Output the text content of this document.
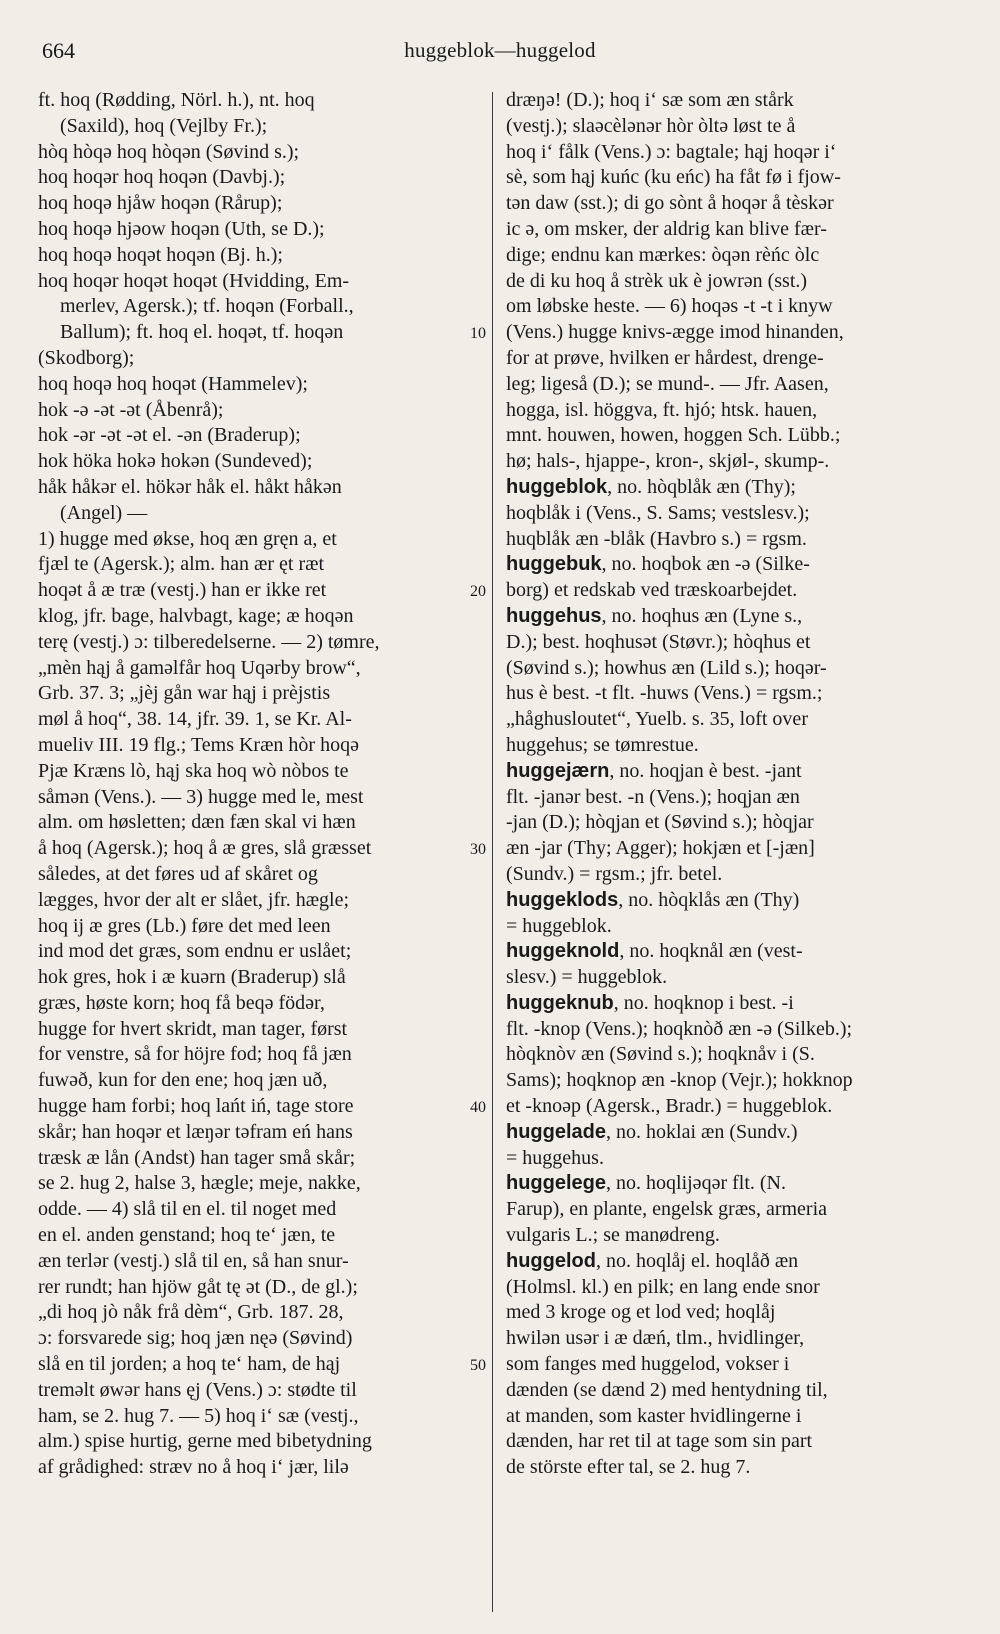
664	huggeblok—huggelod
ft. hoq (Rødding, Nörl. h.), nt. hoq
(Saxild), hoq (Vejlby Fr.);
hòq hòqə hoq hòqən (Søvind s.);
hoq hoqər hoq hoqən (Davbj.);
hoq hoqə hjåw hoqən (Rårup);
hoq hoqə hjəow hoqən (Uth, se D.);
hoq hoqə hoqət hoqən (Bj. h.);
hoq hoqər hoqət hoqət (Hvidding, Em-
merlev, Agersk.); tf. hoqən (Forball.,
Ballum); ft. hoq el. hoqət, tf. hoqən
(Skodborg);
hoq hoqə hoq hoqət (Hammelev);
hok -ə -ət -ət (Åbenrå);
hok -ər -ət -ət el. -ən (Braderup);
hok höka hokə hokən (Sundeved);
håk håkər el. hökər håk el. håkt håkən
(Angel) —
1) hugge med økse, hoq æn gręn a, et
fjæl te (Agersk.); alm. han ær ęt ræt
hoqət å æ træ (vestj.) han er ikke ret
klog, jfr. bage, halvbagt, kage; æ hoqən
terę (vestj.) ɔ: tilberedelserne. — 2) tømre,
„mèn hąj å gaməlfår hoq Uqərby brow“,
Grb. 37. 3; „jèj gån war hąj i prèjstis
møl å hoq“, 38. 14, jfr. 39. 1, se Kr. Al-
mueliv III. 19 flg.; Tems Kræn hòr hoqə
Pjæ Kræns lò, hąj ska hoq wò nòbos te
såmən (Vens.). — 3) hugge med le, mest
alm. om høsletten; dæn fæn skal vi hæn
å hoq (Agersk.); hoq å æ gres, slå græsset
således, at det føres ud af skåret og
lægges, hvor der alt er slået, jfr. hægle;
hoq ij æ gres (Lb.) føre det med leen
ind mod det græs, som endnu er uslået;
hok gres, hok i æ kuərn (Braderup) slå
græs, høste korn; hoq få beqə födər,
hugge for hvert skridt, man tager, først
for venstre, så for höjre fod; hoq få jæn
fuwəð, kun for den ene; hoq jæn uð,
hugge ham forbi; hoq lańt iń, tage store
skår; han hoqər et læŋər təfram eń hans
træsk æ lån (Andst) han tager små skår;
se 2. hug 2, halse 3, hægle; meje, nakke,
odde. — 4) slå til en el. til noget med
en el. anden genstand; hoq te‘ jæn, te
æn terlər (vestj.) slå til en, så han snur-
rer rundt; han hjöw gåt tę ət (D., de gl.);
„di hoq jò nåk frå dèm“, Grb. 187. 28,
ɔ: forsvarede sig; hoq jæn nęə (Søvind)
slå en til jorden; a hoq te‘ ham, de hąj
treməlt øwər hans ęj (Vens.) ɔ: stødte til
ham, se 2. hug 7. — 5) hoq i‘ sæ (vestj.,
alm.) spise hurtig, gerne med bibetydning
af grådighed: stræv no å hoq i‘ jær, lilə
dræŋə! (D.); hoq i‘ sæ som æn stårk
(vestj.); slaəcèlənər hòr òltə løst te å
hoq i‘ fålk (Vens.) ɔ: bagtale; hąj hoqər i‘
sè, som hąj kuńc (ku eńc) ha fåt fø i fjow-
tən daw (sst.); di go sònt å hoqər å tèskər
ic ə, om msker, der aldrig kan blive fær-
dige; endnu kan mærkes: òqən rèńc òlc
de di ku hoq å strèk uk è jowrən (sst.)
om løbske heste. — 6) hoqəs -t -t i knyw
(Vens.) hugge knivs-ægge imod hinanden,
for at prøve, hvilken er hårdest, drenge-
leg; ligeså (D.); se mund-. — Jfr. Aasen,
hogga, isl. höggva, ft. hjó; htsk. hauen,
mnt. houwen, howen, hoggen Sch. Lübb.;
hø; hals-, hjappe-, kron-, skjøl-, skump-.
huggeblok, no. hòqblåk æn (Thy);
hoqblåk i (Vens., S. Sams; vestslesv.);
huqblåk æn -blåk (Havbro s.) = rgsm.
huggebuk, no. hoqbok æn -ə (Silke-
borg) et redskab ved træskoarbejdet.
huggehus, no. hoqhus æn (Lyne s.,
D.); best. hoqhusət (Støvr.); hòqhus et
(Søvind s.); howhus æn (Lild s.); hoqər-
hus è best. -t flt. -huws (Vens.) = rgsm.;
„håghusloutet“, Yuelb. s. 35, loft over
huggehus; se tømrestue.
huggejærn, no. hoqjan è best. -jant
flt. -janər best. -n (Vens.); hoqjan æn
-jan (D.); hòqjan et (Søvind s.); hòqjar
æn -jar (Thy; Agger); hokjæn et [-jæn]
(Sundv.) = rgsm.; jfr. betel.
huggeklods, no. hòqklås æn (Thy)
= huggeblok.
huggeknold, no. hoqknål æn (vest-
slesv.) = huggeblok.
huggeknub, no. hoqknop i best. -i
flt. -knop (Vens.); hoqknòð æn -ə (Silkeb.);
hòqknòv æn (Søvind s.); hoqknåv i (S.
Sams); hoqknop æn -knop (Vejr.); hokknop
et -knoəp (Agersk., Bradr.) = huggeblok.
huggelade, no. hoklai æn (Sundv.)
= huggehus.
huggelege, no. hoqlijəqər flt. (N.
Farup), en plante, engelsk græs, armeria
vulgaris L.; se manødreng.
huggelod, no. hoqlåj el. hoqlåð æn
(Holmsl. kl.) en pilk; en lang ende snor
med 3 kroge og et lod ved; hoqlåj
hwilən usər i æ dæń, tlm., hvidlinger,
som fanges med huggelod, vokser i
dænden (se dænd 2) med hentydning til,
at manden, som kaster hvidlingerne i
dænden, har ret til at tage som sin part
de störste efter tal, se 2. hug 7.
10
20
30
40
50
